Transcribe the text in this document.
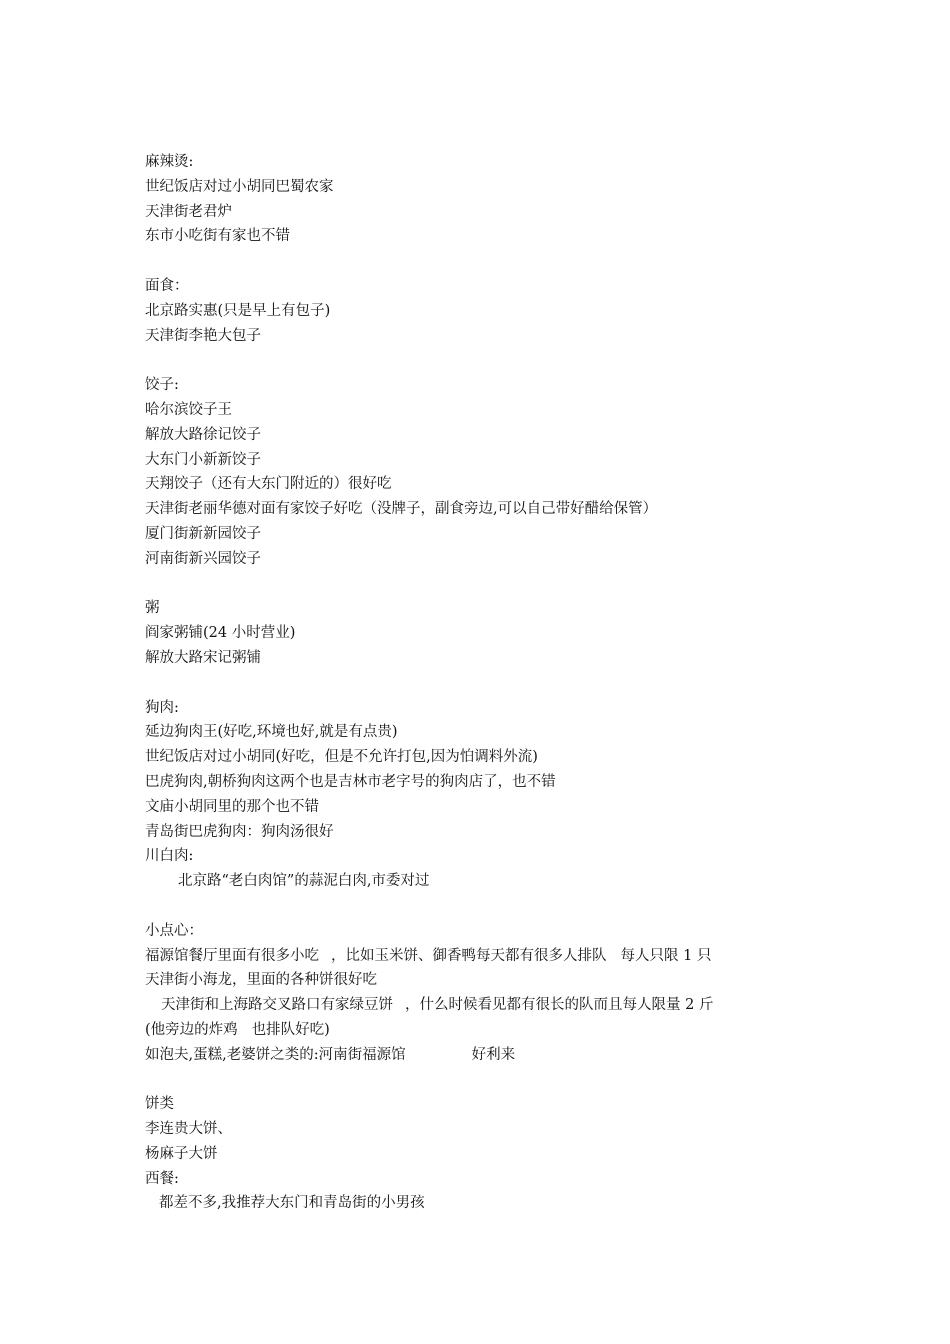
麻辣烫:
世纪饭店对过小胡同巴蜀农家
天津街老君炉
东市小吃街有家也不错
面食：
北京路实惠(只是早上有包子)
天津街李艳大包子
饺子:
哈尔滨饺子王
解放大路徐记饺子
大东门小新新饺子
天翔饺子（还有大东门附近的）很好吃
天津街老丽华德对面有家饺子好吃（没牌子，副食旁边,可以自己带好醋给保管）
厦门街新新园饺子
河南街新兴园饺子
粥
阎家粥铺(24 小时营业)
解放大路宋记粥铺
狗肉:
延边狗肉王(好吃,环境也好,就是有点贵)
世纪饭店对过小胡同(好吃，但是不允许打包,因为怕调料外流)
巴虎狗肉,朝桥狗肉这两个也是吉林市老字号的狗肉店了，也不错
文庙小胡同里的那个也不错
青岛街巴虎狗肉：狗肉汤很好
川白肉:
北京路“老白肉馆”的蒜泥白肉,市委对过
小点心：
福源馆餐厅里面有很多小吃 ，比如玉米饼、御香鸭每天都有很多人排队 每人只限 1 只
天津街小海龙，里面的各种饼很好吃
天津街和上海路交叉路口有家绿豆饼 ，什么时候看见都有很长的队而且每人限量 2 斤
(他旁边的炸鸡 也排队好吃)
如泡夫,蛋糕,老婆饼之类的:河南街福源馆	好利来
饼类
李连贵大饼、
杨麻子大饼
西餐:
都差不多,我推荐大东门和青岛街的小男孩
